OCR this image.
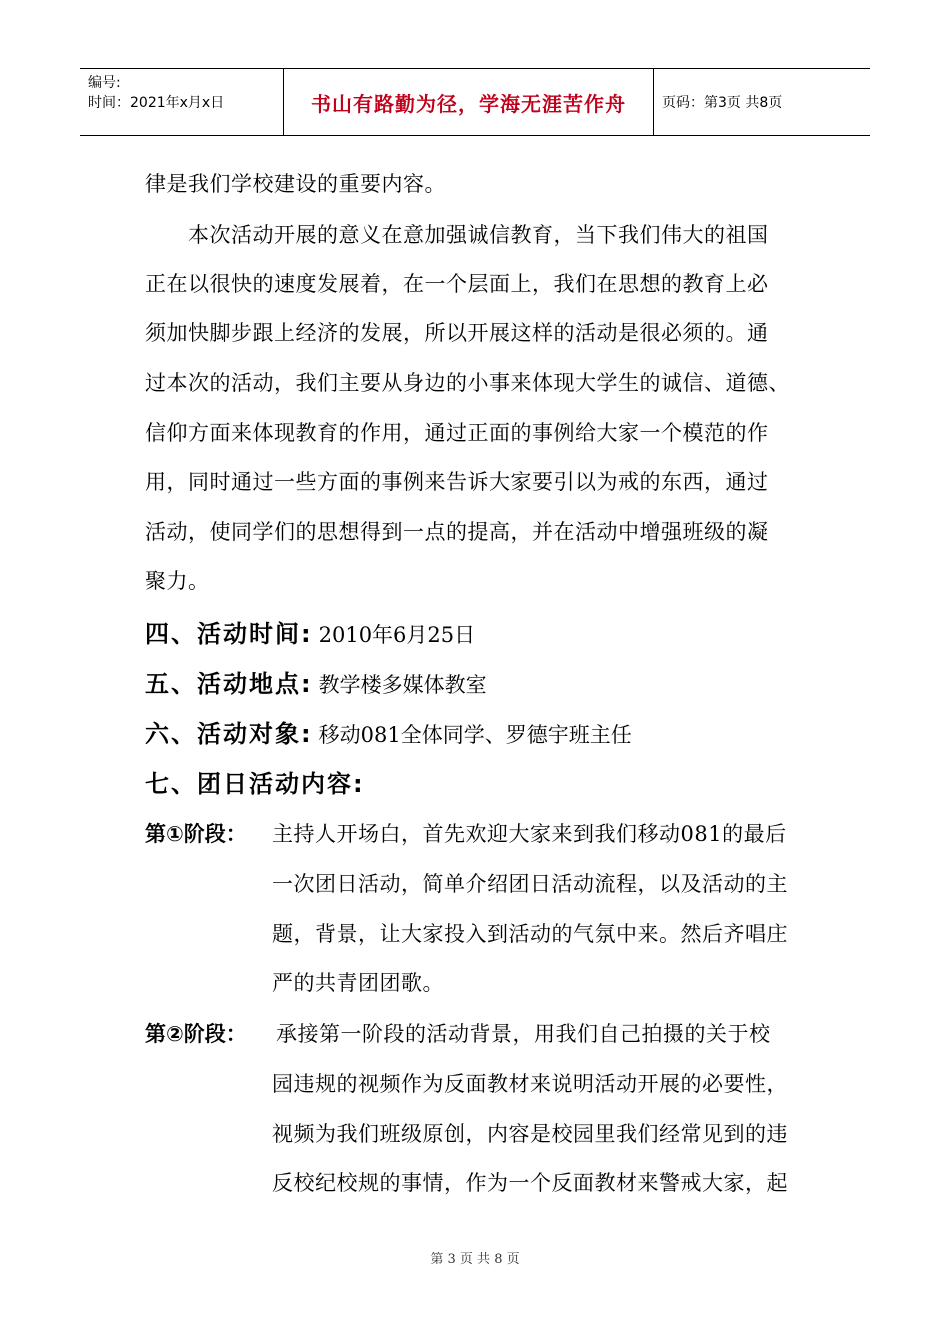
编号:
时间：2021年x月x日	书山有路勤为径，学海无涯苦作舟	页码：第3页 共8页
律是我们学校建设的重要内容。
　　本次活动开展的意义在意加强诚信教育，当下我们伟大的祖国
正在以很快的速度发展着，在一个层面上，我们在思想的教育上必
须加快脚步跟上经济的发展，所以开展这样的活动是很必须的。通
过本次的活动，我们主要从身边的小事来体现大学生的诚信、道德、
信仰方面来体现教育的作用，通过正面的事例给大家一个模范的作
用，同时通过一些方面的事例来告诉大家要引以为戒的东西，通过
活动，使同学们的思想得到一点的提高，并在活动中增强班级的凝
聚力。
四、活动时间: 2010年6月25日
五、活动地点: 教学楼多媒体教室
六、活动对象: 移动081全体同学、罗德宇班主任
七、团日活动内容:
第①阶段： 主持人开场白，首先欢迎大家来到我们移动081的最后
一次团日活动，简单介绍团日活动流程，以及活动的主
题，背景，让大家投入到活动的气氛中来。然后齐唱庄
严的共青团团歌。
第②阶段： 承接第一阶段的活动背景，用我们自己拍摄的关于校
园违规的视频作为反面教材来说明活动开展的必要性，
视频为我们班级原创，内容是校园里我们经常见到的违
反校纪校规的事情，作为一个反面教材来警戒大家，起
第 3 页 共 8 页
